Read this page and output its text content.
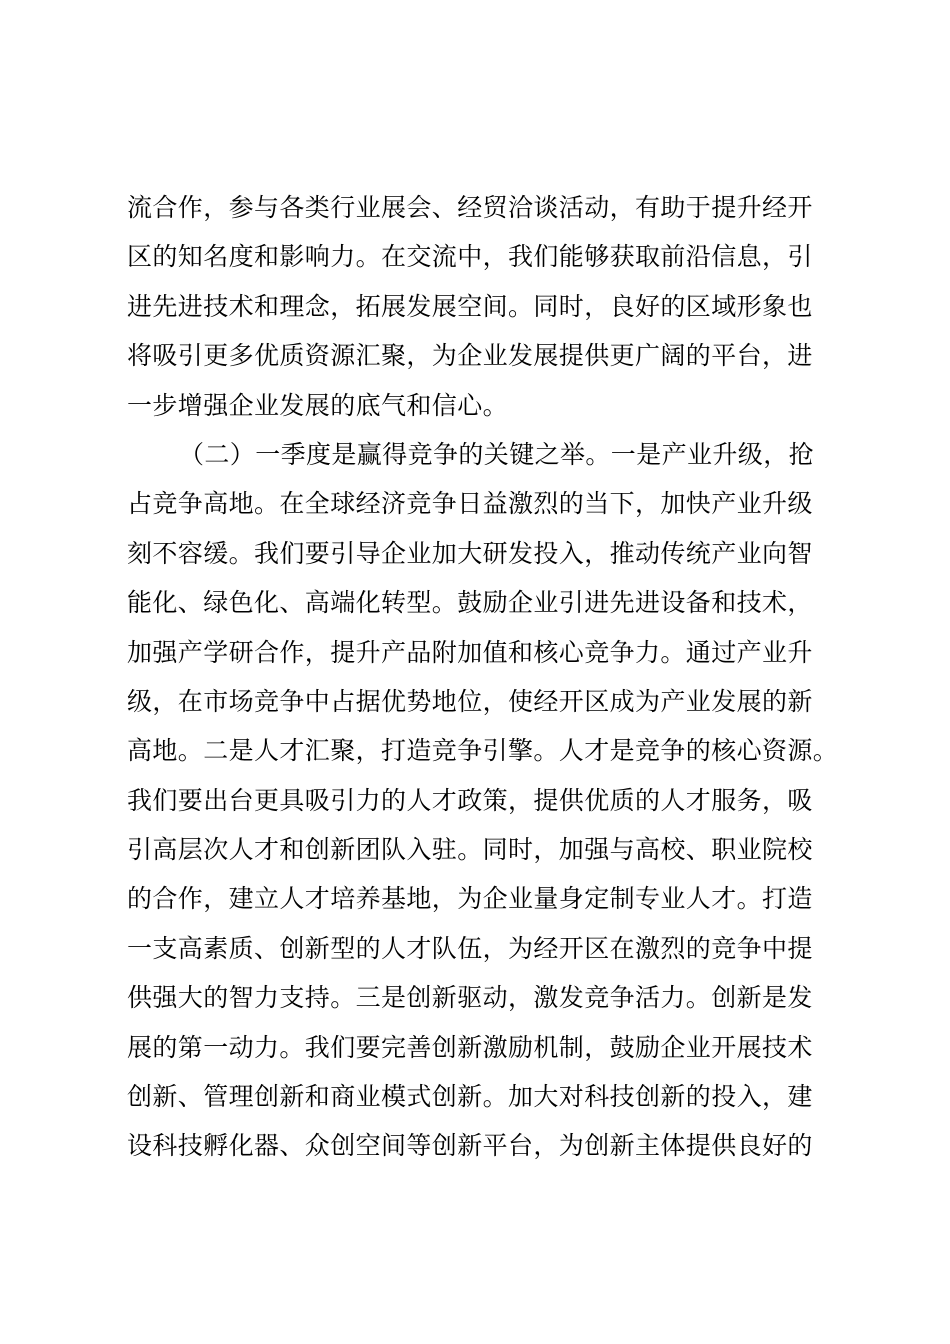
流合作，参与各类行业展会、经贸洽谈活动，有助于提升经开
区的知名度和影响力。在交流中，我们能够获取前沿信息，引
进先进技术和理念，拓展发展空间。同时，良好的区域形象也
将吸引更多优质资源汇聚，为企业发展提供更广阔的平台，进
一步增强企业发展的底气和信心。
（二）一季度是赢得竞争的关键之举。一是产业升级，抢
占竞争高地。在全球经济竞争日益激烈的当下，加快产业升级
刻不容缓。我们要引导企业加大研发投入，推动传统产业向智
能化、绿色化、高端化转型。鼓励企业引进先进设备和技术，
加强产学研合作，提升产品附加值和核心竞争力。通过产业升
级，在市场竞争中占据优势地位，使经开区成为产业发展的新
高地。二是人才汇聚，打造竞争引擎。人才是竞争的核心资源。
我们要出台更具吸引力的人才政策，提供优质的人才服务，吸
引高层次人才和创新团队入驻。同时，加强与高校、职业院校
的合作，建立人才培养基地，为企业量身定制专业人才。打造
一支高素质、创新型的人才队伍，为经开区在激烈的竞争中提
供强大的智力支持。三是创新驱动，激发竞争活力。创新是发
展的第一动力。我们要完善创新激励机制，鼓励企业开展技术
创新、管理创新和商业模式创新。加大对科技创新的投入，建
设科技孵化器、众创空间等创新平台，为创新主体提供良好的
